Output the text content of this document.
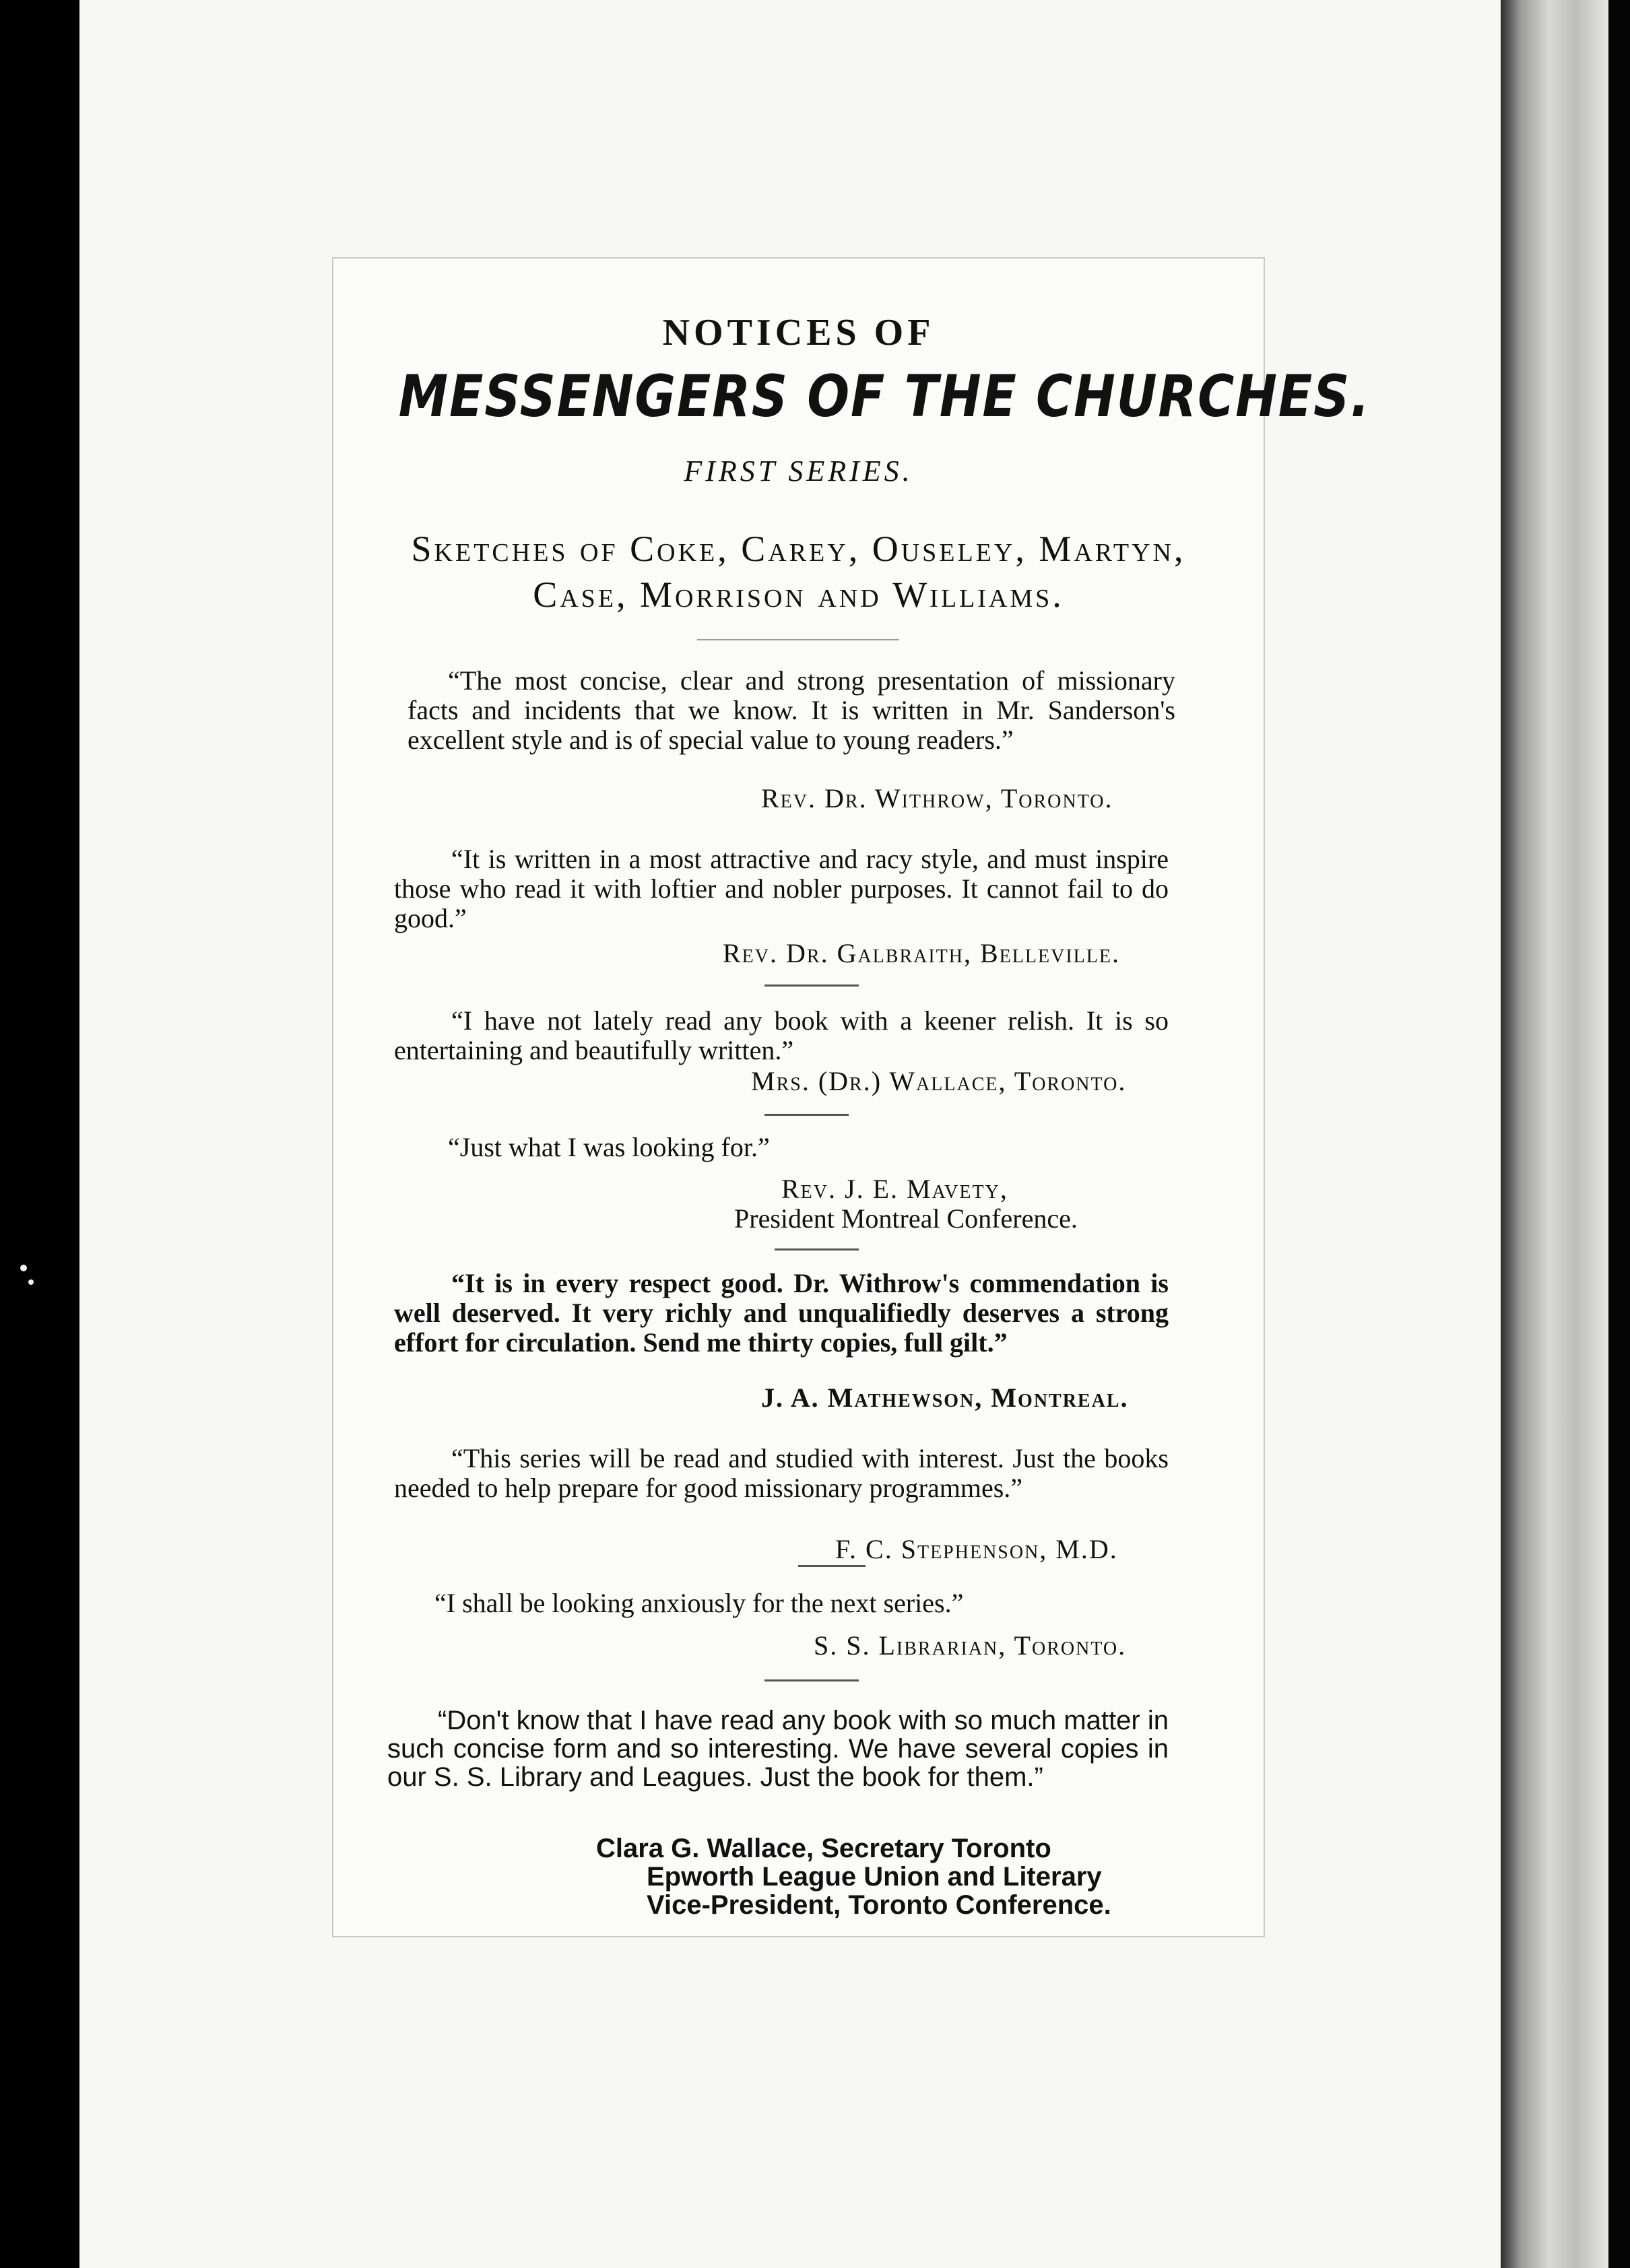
NOTICES OF
MESSENGERS OF THE CHURCHES.
FIRST SERIES.
Sketches of Coke, Carey, Ouseley, Martyn,
Case, Morrison and Williams.
“The most concise, clear and strong presentation of missionary facts and incidents that we know. It is written in Mr. Sanderson's excellent style and is of special value to young readers.”
Rev. Dr. Withrow, Toronto.
“It is written in a most attractive and racy style, and must inspire those who read it with loftier and nobler purposes. It cannot fail to do good.”
Rev. Dr. Galbraith, Belleville.
“I have not lately read any book with a keener relish. It is so entertaining and beautifully written.”
Mrs. (Dr.) Wallace, Toronto.
“Just what I was looking for.”
Rev. J. E. Mavety,
President Montreal Conference.
“It is in every respect good. Dr. Withrow's commendation is well deserved. It very richly and unqualifiedly deserves a strong effort for circulation. Send me thirty copies, full gilt.”
J. A. Mathewson, Montreal.
“This series will be read and studied with interest. Just the books needed to help prepare for good missionary programmes.”
F. C. Stephenson, M.D.
“I shall be looking anxiously for the next series.”
S. S. Librarian, Toronto.
“Don't know that I have read any book with so much matter in such concise form and so interesting. We have several copies in our S. S. Library and Leagues. Just the book for them.”
Clara G. Wallace, Secretary Toronto
Epworth League Union and Literary
Vice-President, Toronto Conference.
